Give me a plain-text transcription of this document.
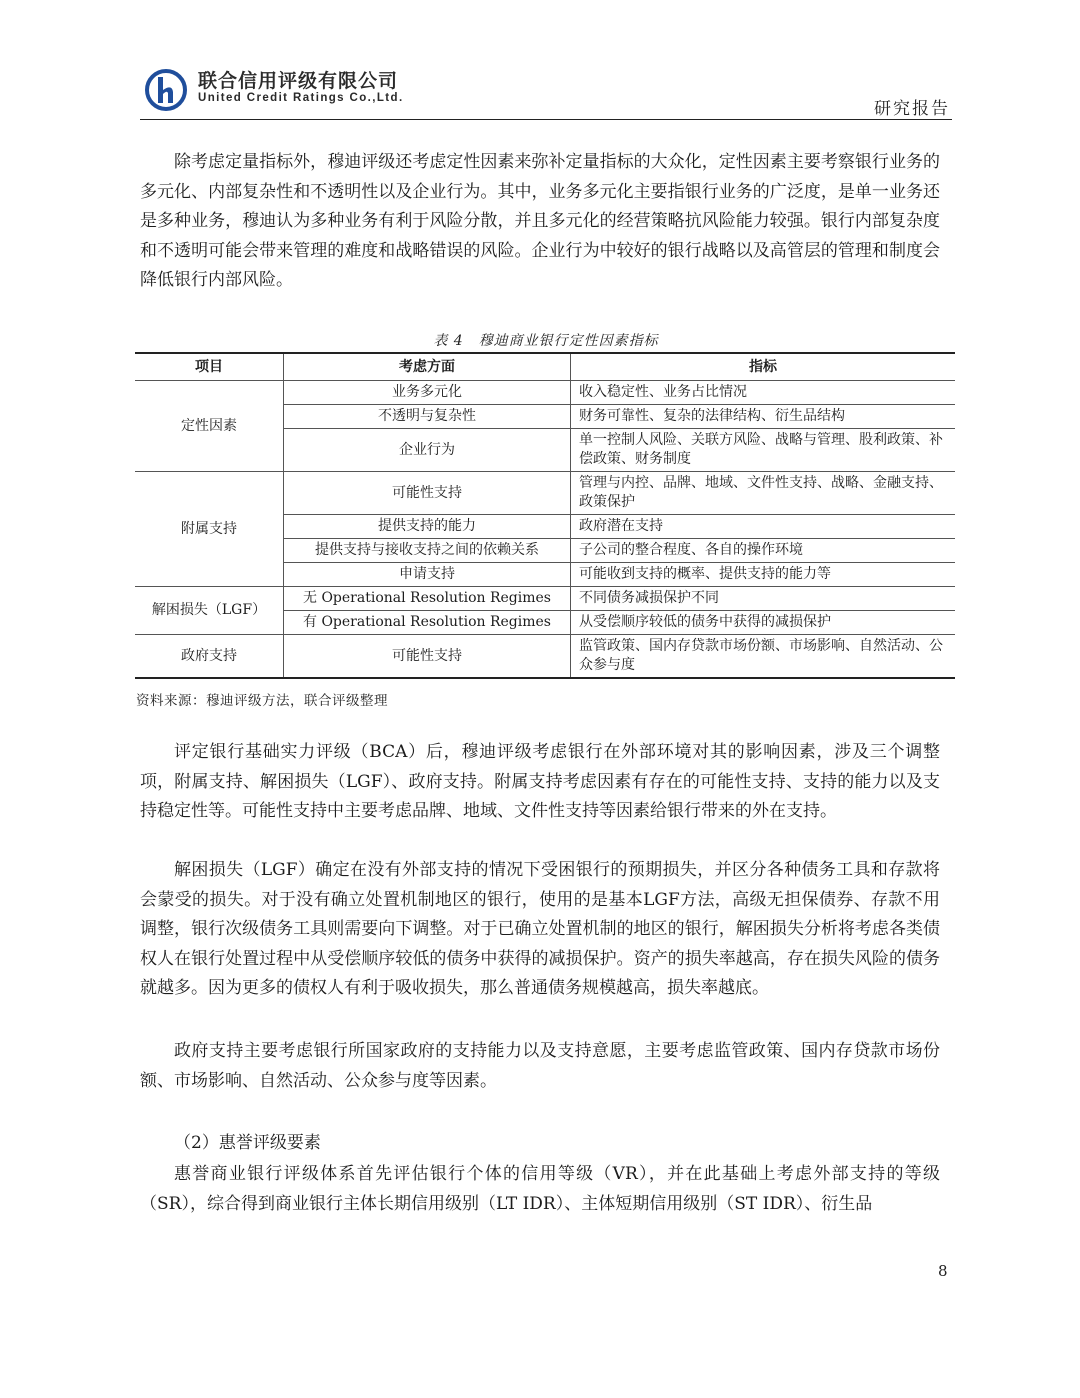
联合信用评级有限公司
United Credit Ratings Co.,Ltd.
研究报告

除考虑定量指标外，穆迪评级还考虑定性因素来弥补定量指标的大众化，定性因素主要考察银行业务的多元化、内部复杂性和不透明性以及企业行为。其中，业务多元化主要指银行业务的广泛度，是单一业务还是多种业务，穆迪认为多种业务有利于风险分散，并且多元化的经营策略抗风险能力较强。银行内部复杂度和不透明可能会带来管理的难度和战略错误的风险。企业行为中较好的银行战略以及高管层的管理和制度会降低银行内部风险。

表 4　穆迪商业银行定性因素指标
项目	考虑方面	指标
定性因素	业务多元化	收入稳定性、业务占比情况
	不透明与复杂性	财务可靠性、复杂的法律结构、衍生品结构
	企业行为	单一控制人风险、关联方风险、战略与管理、股利政策、补偿政策、财务制度
附属支持	可能性支持	管理与内控、品牌、地域、文件性支持、战略、金融支持、政策保护
	提供支持的能力	政府潜在支持
	提供支持与接收支持之间的依赖关系	子公司的整合程度、各自的操作环境
	申请支持	可能收到支持的概率、提供支持的能力等
解困损失（LGF）	无 Operational Resolution Regimes	不同债务减损保护不同
	有 Operational Resolution Regimes	从受偿顺序较低的债务中获得的减损保护
政府支持	可能性支持	监管政策、国内存贷款市场份额、市场影响、自然活动、公众参与度
资料来源：穆迪评级方法，联合评级整理

评定银行基础实力评级（BCA）后，穆迪评级考虑银行在外部环境对其的影响因素，涉及三个调整项，附属支持、解困损失（LGF）、政府支持。附属支持考虑因素有存在的可能性支持、支持的能力以及支持稳定性等。可能性支持中主要考虑品牌、地域、文件性支持等因素给银行带来的外在支持。

解困损失（LGF）确定在没有外部支持的情况下受困银行的预期损失，并区分各种债务工具和存款将会蒙受的损失。对于没有确立处置机制地区的银行，使用的是基本LGF方法，高级无担保债券、存款不用调整，银行次级债务工具则需要向下调整。对于已确立处置机制的地区的银行，解困损失分析将考虑各类债权人在银行处置过程中从受偿顺序较低的债务中获得的减损保护。资产的损失率越高，存在损失风险的债务就越多。因为更多的债权人有利于吸收损失，那么普通债务规模越高，损失率越底。

政府支持主要考虑银行所国家政府的支持能力以及支持意愿，主要考虑监管政策、国内存贷款市场份额、市场影响、自然活动、公众参与度等因素。

（2）惠誉评级要素

惠誉商业银行评级体系首先评估银行个体的信用等级（VR），并在此基础上考虑外部支持的等级（SR），综合得到商业银行主体长期信用级别（LT IDR）、主体短期信用级别（ST IDR）、衍生品

8
